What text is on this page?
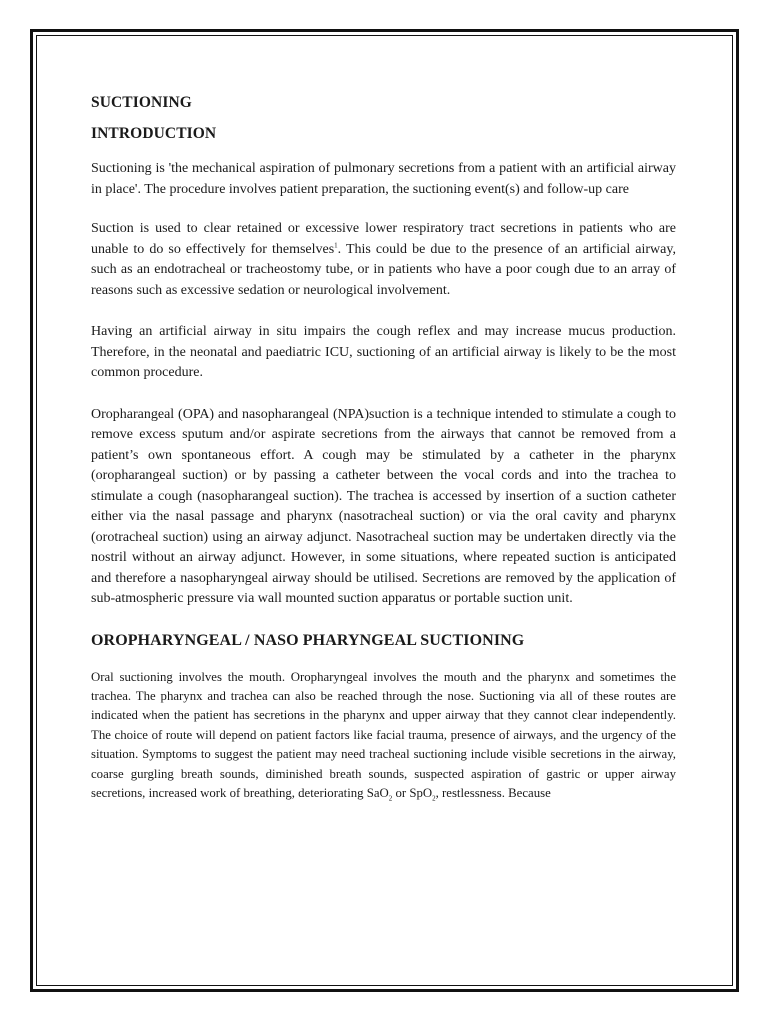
SUCTIONING
INTRODUCTION

Suctioning is 'the mechanical aspiration of pulmonary secretions from a patient with an artificial airway in place'. The procedure involves patient preparation, the suctioning event(s) and follow-up care

Suction is used to clear retained or excessive lower respiratory tract secretions in patients who are unable to do so effectively for themselves$^1$. This could be due to the presence of an artificial airway, such as an endotracheal or tracheostomy tube, or in patients who have a poor cough due to an array of reasons such as excessive sedation or neurological involvement.

Having an artificial airway in situ impairs the cough reflex and may increase mucus production. Therefore, in the neonatal and paediatric ICU, suctioning of an artificial airway is likely to be the most common procedure.

Oropharangeal (OPA) and nasopharangeal (NPA)suction is a technique intended to stimulate a cough to remove excess sputum and/or aspirate secretions from the airways that cannot be removed from a patient’s own spontaneous effort. A cough may be stimulated by a catheter in the pharynx (oropharangeal suction) or by passing a catheter between the vocal cords and into the trachea to stimulate a cough (nasopharangeal suction). The trachea is accessed by insertion of a suction catheter either via the nasal passage and pharynx (nasotracheal suction) or via the oral cavity and pharynx (orotracheal suction) using an airway adjunct. Nasotracheal suction may be undertaken directly via the nostril without an airway adjunct. However, in some situations, where repeated suction is anticipated and therefore a nasopharyngeal airway should be utilised. Secretions are removed by the application of sub-atmospheric pressure via wall mounted suction apparatus or portable suction unit.

OROPHARYNGEAL / NASO PHARYNGEAL SUCTIONING

Oral suctioning involves the mouth. Oropharyngeal involves the mouth and the pharynx and sometimes the trachea. The pharynx and trachea can also be reached through the nose. Suctioning via all of these routes are indicated when the patient has secretions in the pharynx and upper airway that they cannot clear independently. The choice of route will depend on patient factors like facial trauma, presence of airways, and the urgency of the situation. Symptoms to suggest the patient may need tracheal suctioning include visible secretions in the airway, coarse gurgling breath sounds, diminished breath sounds, suspected aspiration of gastric or upper airway secretions, increased work of breathing, deteriorating SaO$_2$ or SpO$_2$, restlessness. Because
